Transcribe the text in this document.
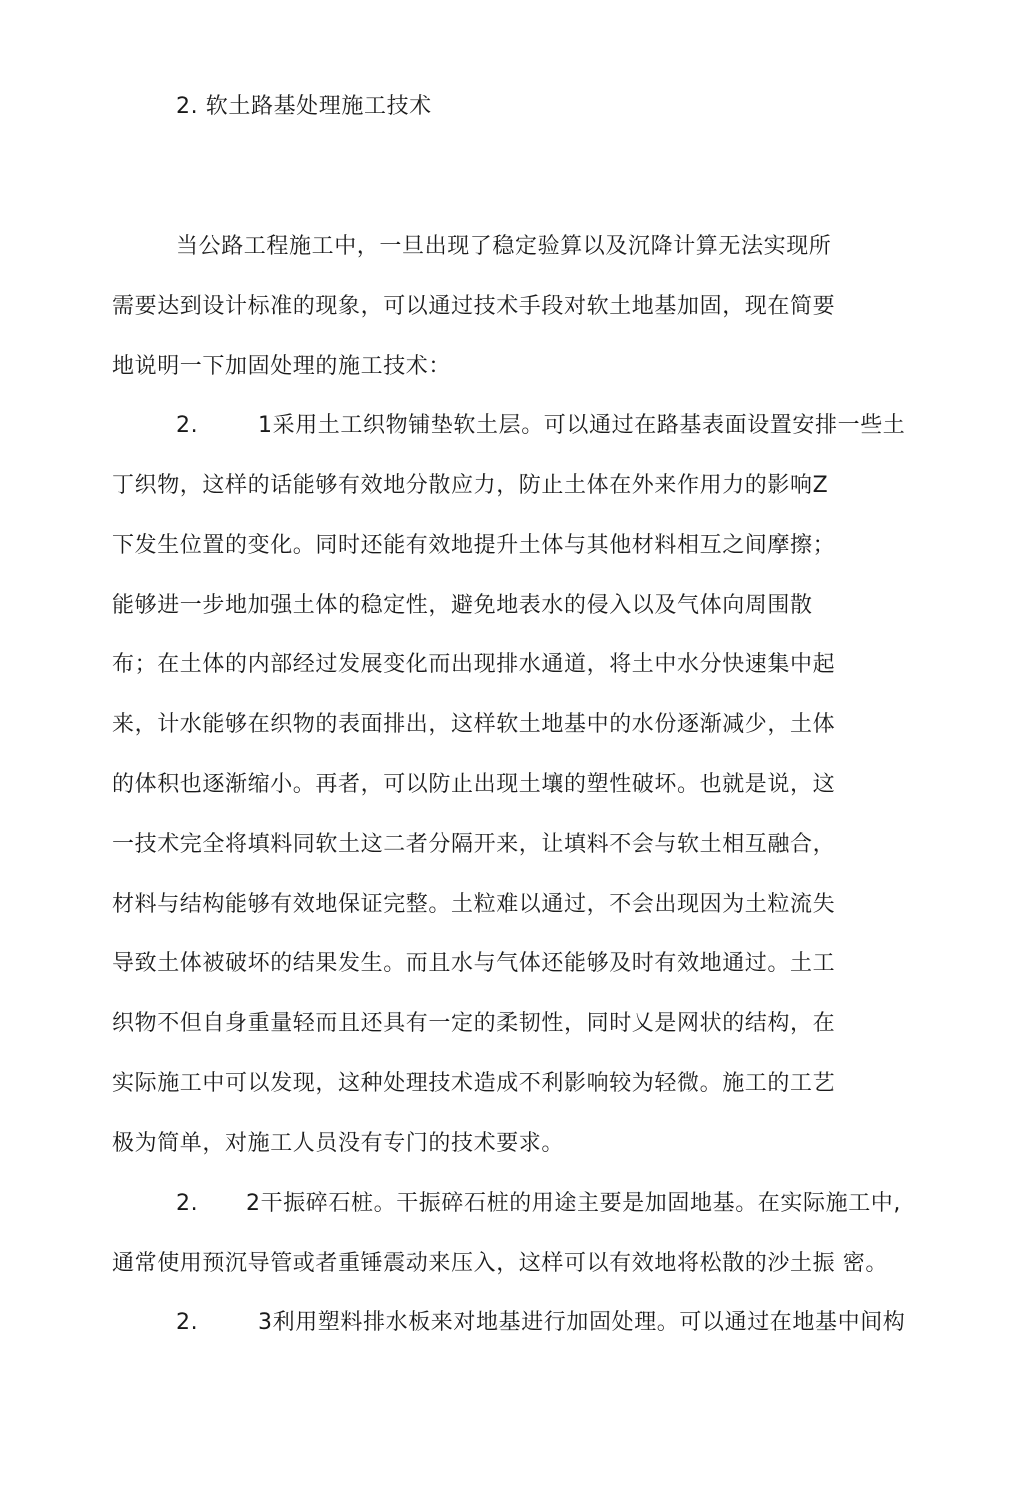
2. 软土路基处理施工技术
当公路工程施工中，一旦出现了稳定验算以及沉降计算无法实现所
需要达到设计标准的现象，可以通过技术手段对软土地基加固，现在简要
地说明一下加固处理的施工技术：
2.	1采用土工织物铺垫软土层。可以通过在路基表面设置安排一些土
丁织物，这样的话能够有效地分散应力，防止土体在外来作用力的影响Z
下发生位置的变化。同时还能有效地提升土体与其他材料相互之间摩擦；
能够进一步地加强土体的稳定性，避免地表水的侵入以及气体向周围散
布；在土体的内部经过发展变化而出现排水通道，将土中水分快速集中起
来，计水能够在织物的表面排出，这样软土地基中的水份逐渐减少，土体
的体积也逐渐缩小。再者，可以防止出现土壤的塑性破坏。也就是说，这
一技术完全将填料同软土这二者分隔开来，让填料不会与软土相互融合，
材料与结构能够有效地保证完整。土粒难以通过，不会出现因为土粒流失
导致土体被破坏的结果发生。而且水与气体还能够及时有效地通过。土工
织物不但自身重量轻而且还具有一定的柔韧性，同时乂是网状的结构，在
实际施工中可以发现，这种处理技术造成不利影响较为轻微。施工的工艺
极为简单，对施工人员没有专门的技术要求。
2. 2干振碎石桩。干振碎石桩的用途主要是加固地基。在实际施工中,
通常使用预沉导管或者重锤震动来压入，这样可以有效地将松散的沙土振 密。
2.	3利用塑料排水板来对地基进行加固处理。可以通过在地基中间构
